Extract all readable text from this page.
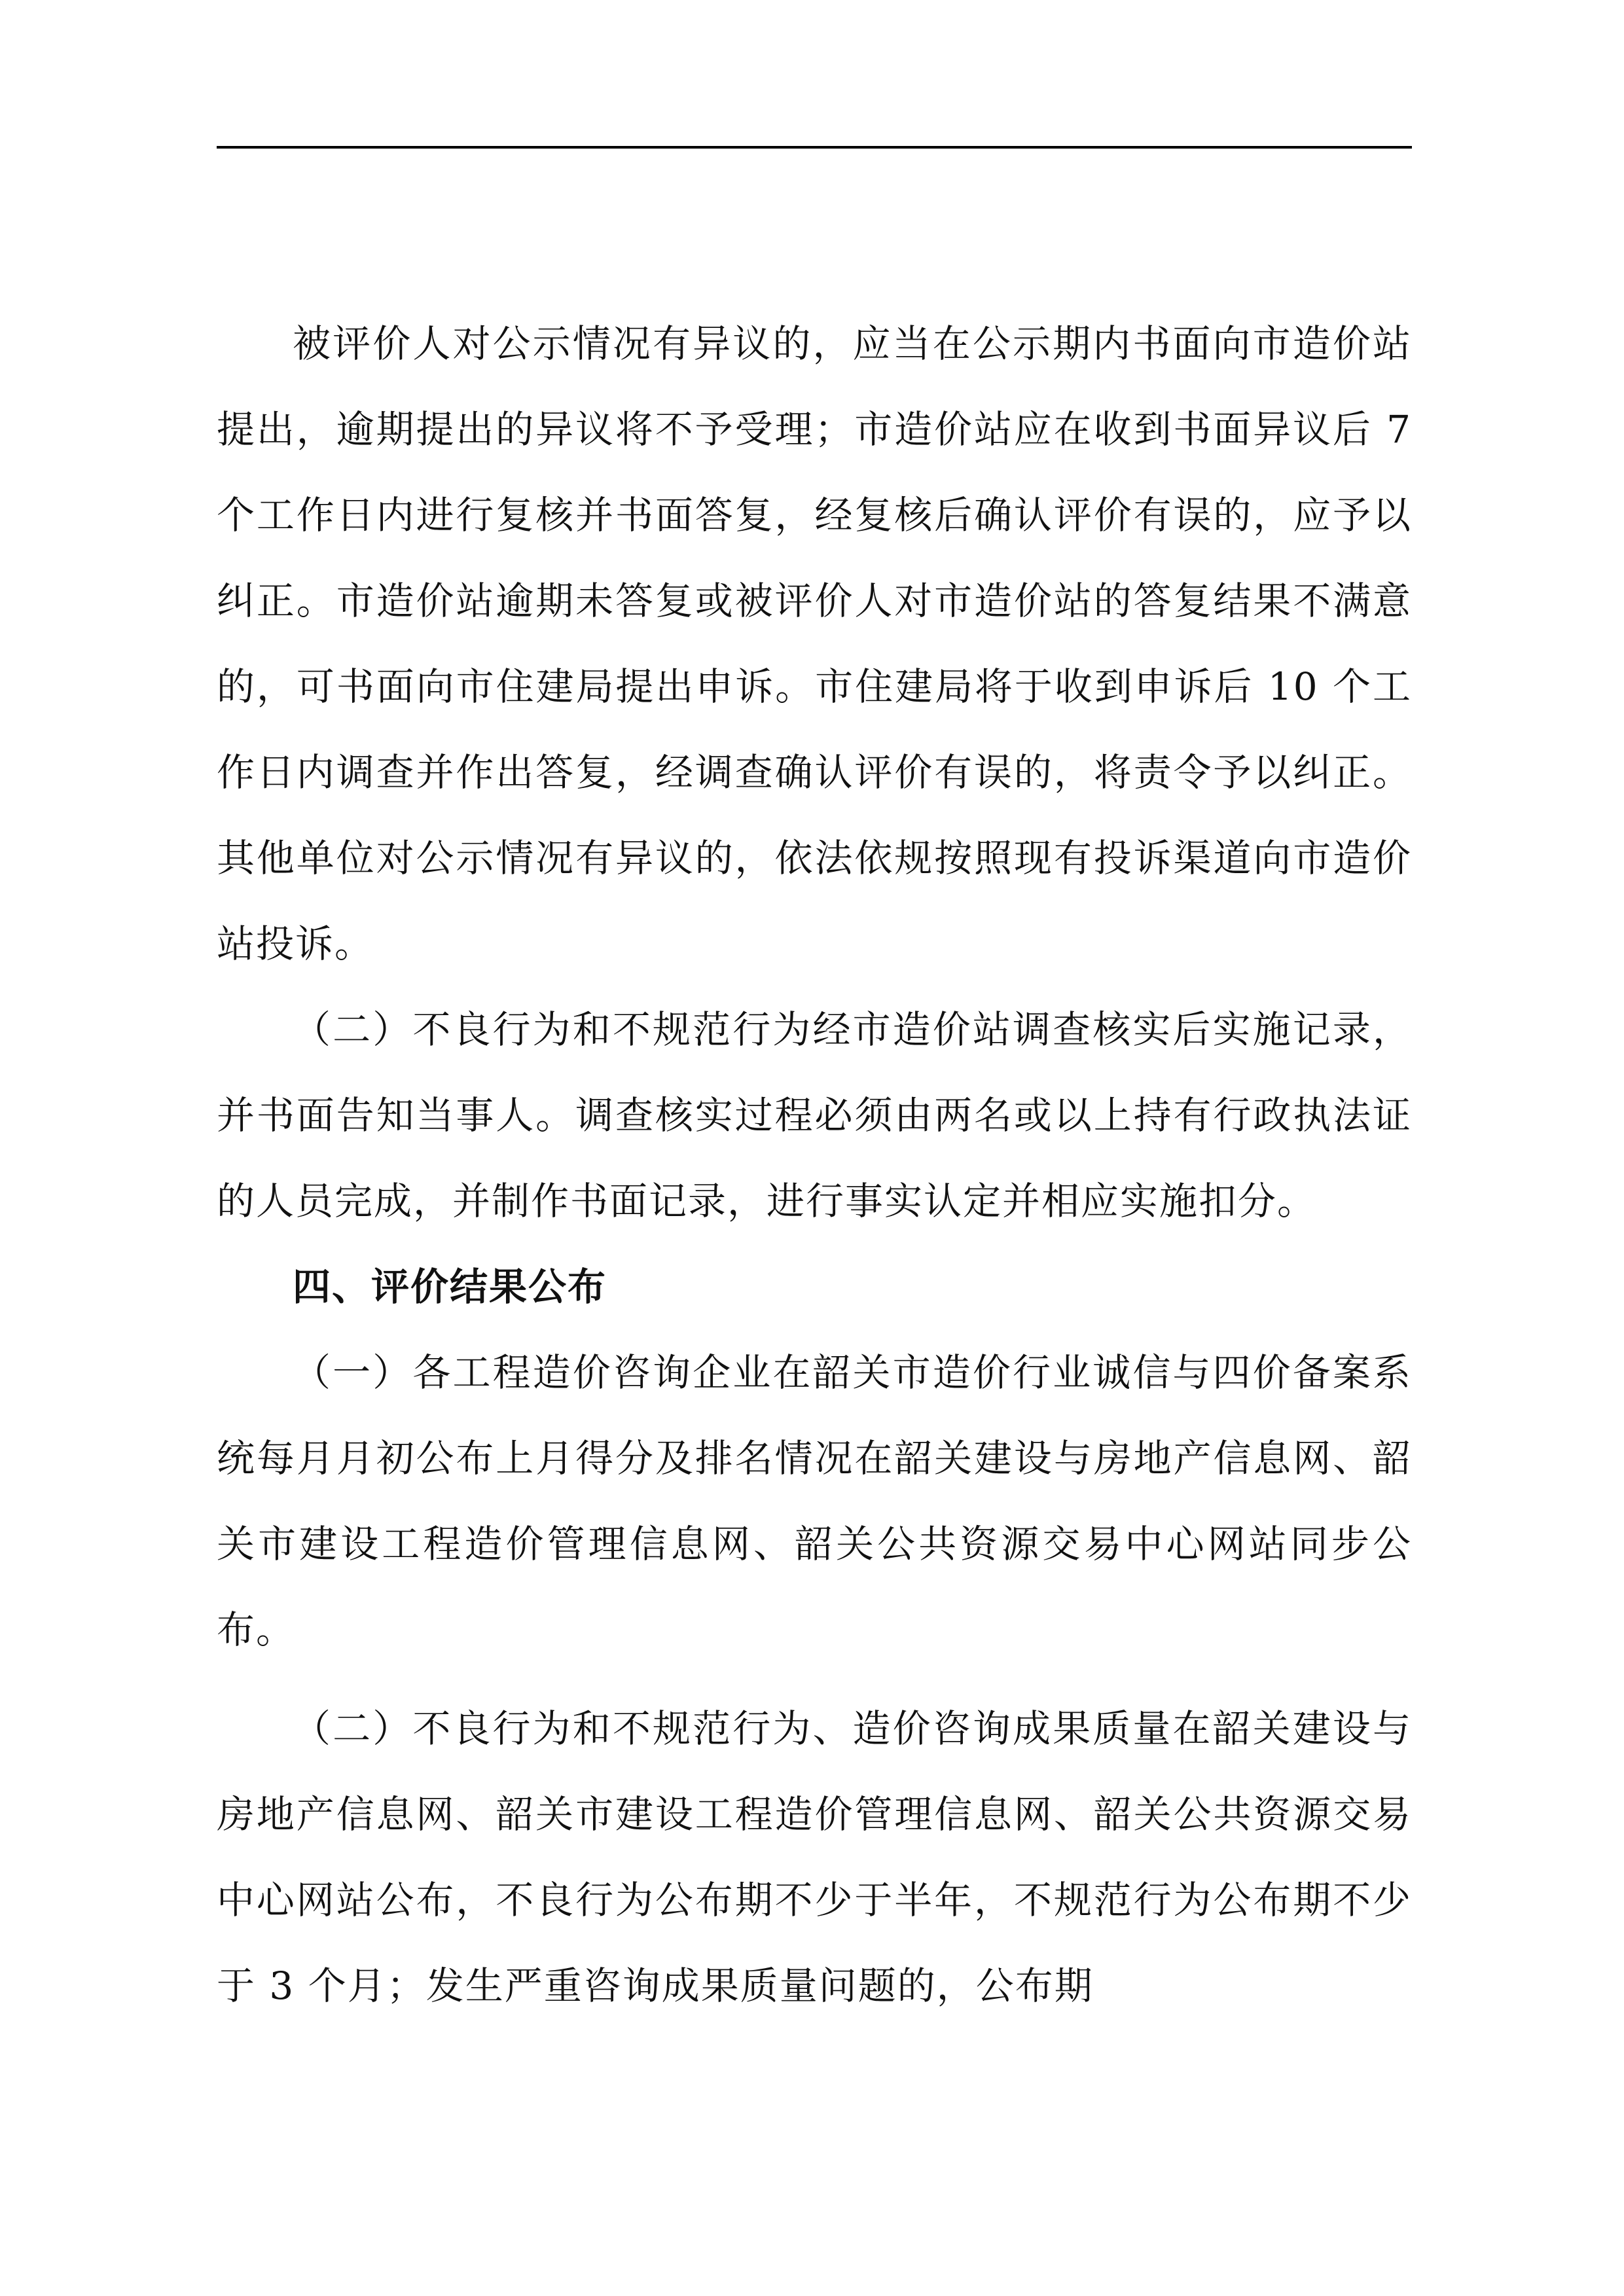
被评价人对公示情况有异议的，应当在公示期内书面向市造价站提出，逾期提出的异议将不予受理；市造价站应在收到书面异议后 7 个工作日内进行复核并书面答复，经复核后确认评价有误的，应予以纠正。市造价站逾期未答复或被评价人对市造价站的答复结果不满意的，可书面向市住建局提出申诉。市住建局将于收到申诉后 10 个工作日内调查并作出答复，经调查确认评价有误的，将责令予以纠正。其他单位对公示情况有异议的，依法依规按照现有投诉渠道向市造价站投诉。

（二）不良行为和不规范行为经市造价站调查核实后实施记录，并书面告知当事人。调查核实过程必须由两名或以上持有行政执法证的人员完成，并制作书面记录，进行事实认定并相应实施扣分。

四、评价结果公布

（一）各工程造价咨询企业在韶关市造价行业诚信与四价备案系统每月月初公布上月得分及排名情况在韶关建设与房地产信息网、韶关市建设工程造价管理信息网、韶关公共资源交易中心网站同步公布。

（二）不良行为和不规范行为、造价咨询成果质量在韶关建设与房地产信息网、韶关市建设工程造价管理信息网、韶关公共资源交易中心网站公布，不良行为公布期不少于半年，不规范行为公布期不少于 3 个月；发生严重咨询成果质量问题的，公布期
